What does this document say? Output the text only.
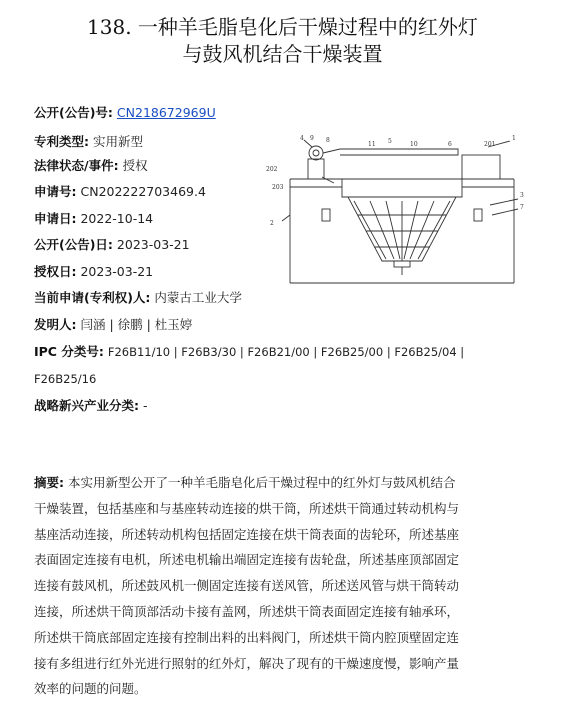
138. 一种羊毛脂皂化后干燥过程中的红外灯
与鼓风机结合干燥装置
公开(公告)号: CN218672969U
专利类型: 实用新型
法律状态/事件: 授权
申请号: CN202222703469.4
申请日: 2022-10-14
公开(公告)日: 2023-03-21
授权日: 2023-03-21
当前申请(专利权)人: 内蒙古工业大学
发明人: 闫涵 | 徐鹏 | 杜玉婷
IPC 分类号: F26B11/10 | F26B3/30 | F26B21/00 | F26B25/00 | F26B25/04 |
F26B25/16
战略新兴产业分类: -
4 9 8
11 5	10	6	201
1
202
203
2
3
7
摘要: 本实用新型公开了一种羊毛脂皂化后干燥过程中的红外灯与鼓风机结合
干燥装置，包括基座和与基座转动连接的烘干筒，所述烘干筒通过转动机构与
基座活动连接，所述转动机构包括固定连接在烘干筒表面的齿轮环，所述基座
表面固定连接有电机，所述电机输出端固定连接有齿轮盘，所述基座顶部固定
连接有鼓风机，所述鼓风机一侧固定连接有送风管，所述送风管与烘干筒转动
连接，所述烘干筒顶部活动卡接有盖网，所述烘干筒表面固定连接有轴承环，
所述烘干筒底部固定连接有控制出料的出料阀门，所述烘干筒内腔顶壁固定连
接有多组进行红外光进行照射的红外灯，解决了现有的干燥速度慢，影响产量
效率的问题的问题。
